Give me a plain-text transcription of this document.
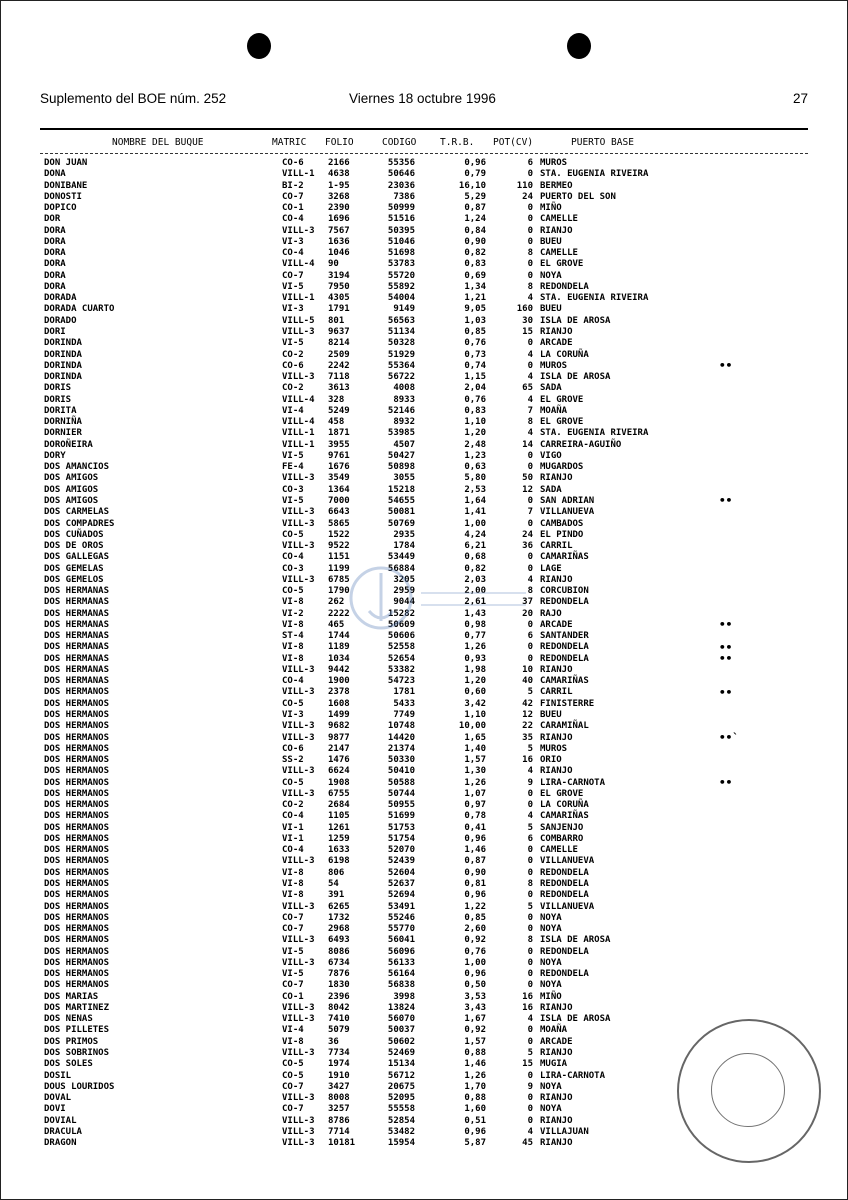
Suplemento del BOE núm. 252	Viernes 18 octubre 1996	27
NOMBRE DEL BUQUE	MATRIC FOLIO	CODIGO T.R.B. POT(CV)	PUERTO BASE
DON JUAN	CO-6	2166	55356	0,96	6 MUROS
DONA	VILL-1 4638	50646	0,79	0 STA. EUGENIA RIVEIRA
DONIBANE	BI-2	1-95	23036	16,10	110 BERMEO
DONOSTI	CO-7	3268	7386	5,29	24 PUERTO DEL SON
DOPICO	CO-1	2390	50999	0,87	0 MIÑO
DOR	CO-4	1696	51516	1,24	0 CAMELLE
DORA	VILL-3 7567	50395	0,84	0 RIANJO
DORA	VI-3	1636	51046	0,90	0 BUEU
DORA	CO-4	1046	51698	0,82	8 CAMELLE
DORA	VILL-4 90	53783	0,83	0 EL GROVE
DORA	CO-7	3194	55720	0,69	0 NOYA
DORA	VI-5	7950	55892	1,34	8 REDONDELA
DORADA	VILL-1 4305	54004	1,21	4 STA. EUGENIA RIVEIRA
DORADA CUARTO	VI-3	1791	9149	9,05	160 BUEU
DORADO	VILL-5 801	56563	1,03	30 ISLA DE AROSA
DORI	VILL-3 9637	51134	0,85	15 RIANJO
DORINDA	VI-5	8214	50328	0,76	0 ARCADE
DORINDA	CO-2	2509	51929	0,73	4 LA CORUÑA
DORINDA	CO-6	2242	55364	0,74	0 MUROS
DORINDA	VILL-3 7118	56722	1,15	4 ISLA DE AROSA
DORIS	CO-2	3613	4008	2,04	65 SADA
DORIS	VILL-4 328	8933	0,76	4 EL GROVE
DORITA	VI-4	5249	52146	0,83	7 MOAÑA
DORNIÑA	VILL-4 458	8932	1,10	8 EL GROVE
DORNIER	VILL-1 1871	53985	1,20	4 STA. EUGENIA RIVEIRA
DOROÑEIRA	VILL-1 3955	4507	2,48	14 CARREIRA-AGUIÑO
DORY	VI-5	9761	50427	1,23	0 VIGO
DOS AMANCIOS	FE-4	1676	50898	0,63	0 MUGARDOS
DOS AMIGOS	VILL-3 3549	3055	5,80	50 RIANJO
DOS AMIGOS	CO-3	1364	15218	2,53	12 SADA
DOS AMIGOS	VI-5	7000	54655	1,64	0 SAN ADRIAN
DOS CARMELAS	VILL-3 6643	50081	1,41	7 VILLANUEVA
DOS COMPADRES	VILL-3 5865	50769	1,00	0 CAMBADOS
DOS CUÑADOS	CO-5	1522	2935	4,24	24 EL PINDO
DOS DE OROS	VILL-3 9522	1784	6,21	36 CARRIL
DOS GALLEGAS	CO-4	1151	53449	0,68	0 CAMARIÑAS
DOS GEMELAS	CO-3	1199	56884	0,82	0 LAGE
DOS GEMELOS	VILL-3 6785	3205	2,03	4 RIANJO
DOS HERMANAS	CO-5	1790	2959	2,00	8 CORCUBION
DOS HERMANAS	VI-8	262	9044	2,61	37 REDONDELA
DOS HERMANAS	VI-2	2222	15282	1,43	20 RAJO
DOS HERMANAS	VI-8	465	50609	0,98	0 ARCADE
DOS HERMANAS	ST-4	1744	50606	0,77	6 SANTANDER
DOS HERMANAS	VI-8	1189	52558	1,26	0 REDONDELA
DOS HERMANAS	VI-8	1034	52654	0,93	0 REDONDELA
DOS HERMANAS	VILL-3 9442	53382	1,98	10 RIANJO
DOS HERMANAS	CO-4	1900	54723	1,20	40 CAMARIÑAS
DOS HERMANOS	VILL-3 2378	1781	0,60	5 CARRIL
DOS HERMANOS	CO-5	1608	5433	3,42	42 FINISTERRE
DOS HERMANOS	VI-3	1499	7749	1,10	12 BUEU
DOS HERMANOS	VILL-3 9682	10748	10,00	22 CARAMIÑAL
DOS HERMANOS	VILL-3 9877	14420	1,65	35 RIANJO
DOS HERMANOS	CO-6	2147	21374	1,40	5 MUROS
DOS HERMANOS	SS-2	1476	50330	1,57	16 ORIO
DOS HERMANOS	VILL-3 6624	50410	1,30	4 RIANJO
DOS HERMANOS	CO-5	1908	50588	1,26	9 LIRA-CARNOTA
DOS HERMANOS	VILL-3 6755	50744	1,07	0 EL GROVE
DOS HERMANOS	CO-2	2684	50955	0,97	0 LA CORUÑA
DOS HERMANOS	CO-4	1105	51699	0,78	4 CAMARIÑAS
DOS HERMANOS	VI-1	1261	51753	0,41	5 SANJENJO
DOS HERMANOS	VI-1	1259	51754	0,96	6 COMBARRO
DOS HERMANOS	CO-4	1633	52070	1,46	0 CAMELLE
DOS HERMANOS	VILL-3 6198	52439	0,87	0 VILLANUEVA
DOS HERMANOS	VI-8	806	52604	0,90	0 REDONDELA
DOS HERMANOS	VI-8	54	52637	0,81	8 REDONDELA
DOS HERMANOS	VI-8	391	52694	0,96	0 REDONDELA
DOS HERMANOS	VILL-3 6265	53491	1,22	5 VILLANUEVA
DOS HERMANOS	CO-7	1732	55246	0,85	0 NOYA
DOS HERMANOS	CO-7	2968	55770	2,60	0 NOYA
DOS HERMANOS	VILL-3 6493	56041	0,92	8 ISLA DE AROSA
DOS HERMANOS	VI-5	8086	56096	0,76	0 REDONDELA
DOS HERMANOS	VILL-3 6734	56133	1,00	0 NOYA
DOS HERMANOS	VI-5	7876	56164	0,96	0 REDONDELA
DOS HERMANOS	CO-7	1830	56838	0,50	0 NOYA
DOS MARIAS	CO-1	2396	3998	3,53	16 MIÑO
DOS MARTINEZ	VILL-3 8042	13824	3,43	16 RIANJO
DOS NENAS	VILL-3 7410	56070	1,67	4 ISLA DE AROSA
DOS PILLETES	VI-4	5079	50037	0,92	0 MOAÑA
DOS PRIMOS	VI-8	36	50602	1,57	0 ARCADE
DOS SOBRINOS	VILL-3 7734	52469	0,88	5 RIANJO
DOS SOLES	CO-5	1974	15134	1,46	15 MUGIA
DOSIL	CO-5	1910	56712	1,26	0 LIRA-CARNOTA
DOUS LOURIDOS	CO-7	3427	20675	1,70	9 NOYA
DOVAL	VILL-3 8008	52095	0,88	0 RIANJO
DOVI	CO-7	3257	55558	1,60	0 NOYA
DOVIAL	VILL-3 8786	52854	0,51	0 RIANJO
DRACULA	VILL-3 7714	53482	0,96	4 VILLAJUAN
DRAGON	VILL-3 10181	15954	5,87	45 RIANJO
••
••
••
••
••
••
••`
••
